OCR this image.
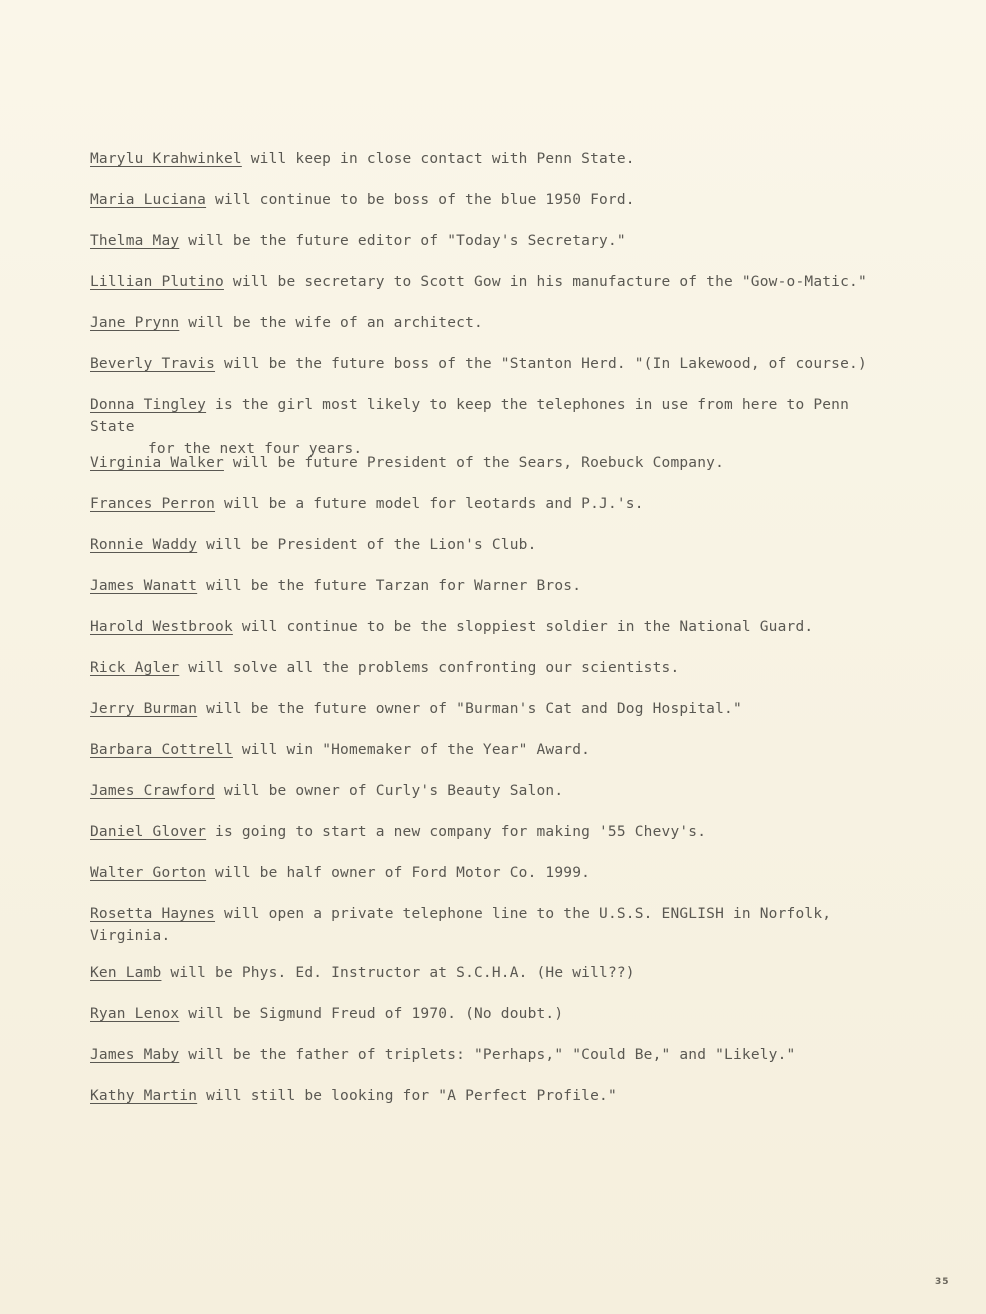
Marylu Krahwinkel will keep in close contact with Penn State.
Maria Luciana will continue to be boss of the blue 1950 Ford.
Thelma May will be the future editor of "Today's Secretary."
Lillian Plutino will be secretary to Scott Gow in his manufacture of the "Gow-o-Matic."
Jane Prynn will be the wife of an architect.
Beverly Travis will be the future boss of the "Stanton Herd. "(In Lakewood, of course.)
Donna Tingley is the girl most likely to keep the telephones in use from here to Penn State
for the next four years.
Virginia Walker will be future President of the Sears, Roebuck Company.
Frances Perron will be a future model for leotards and P.J.'s.
Ronnie Waddy will be President of the Lion's Club.
James Wanatt will be the future Tarzan for Warner Bros.
Harold Westbrook will continue to be the sloppiest soldier in the National Guard.
Rick Agler will solve all the problems confronting our scientists.
Jerry Burman will be the future owner of "Burman's Cat and Dog Hospital."
Barbara Cottrell will win "Homemaker of the Year" Award.
James Crawford will be owner of Curly's Beauty Salon.
Daniel Glover is going to start a new company for making '55 Chevy's.
Walter Gorton will be half owner of Ford Motor Co. 1999.
Rosetta Haynes will open a private telephone line to the U.S.S. ENGLISH in Norfolk,
Virginia.
Ken Lamb will be Phys. Ed. Instructor at S.C.H.A. (He will??)
Ryan Lenox will be Sigmund Freud of 1970. (No doubt.)
James Maby will be the father of triplets: "Perhaps," "Could Be," and "Likely."
Kathy Martin will still be looking for "A Perfect Profile."
35
